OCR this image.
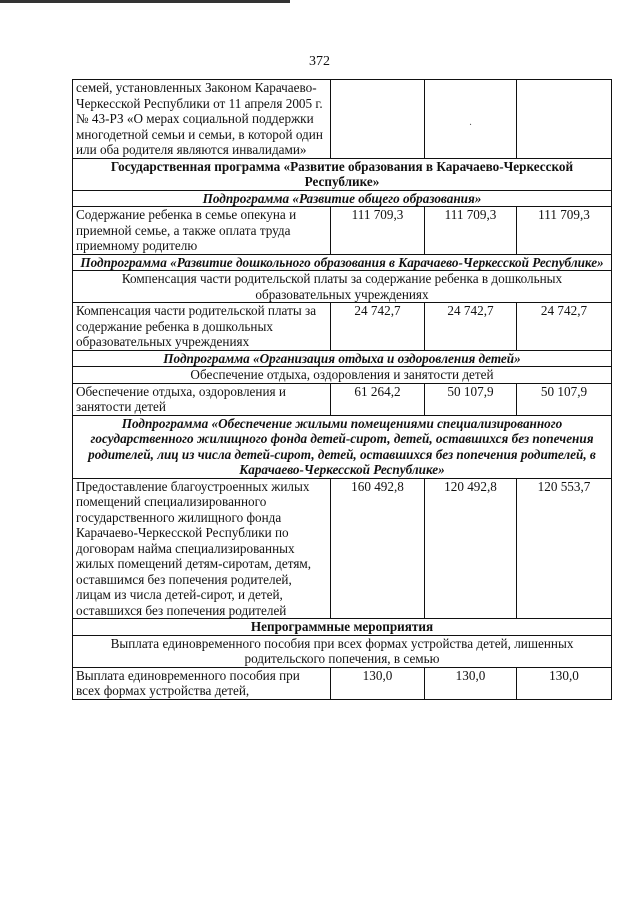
372
семей, установленных Законом Карачаево-Черкесской Республики от 11 апреля 2005 г. № 43-РЗ «О мерах социальной поддержки многодетной семьи и семьи, в которой один или оба родителя являются инвалидами»		·	

Государственная программа «Развитие образования в Карачаево-Черкесской Республике»			
Подпрограмма «Развитие общего образования»			
Содержание ребенка в семье опекуна и приемной семье, а также оплата труда приемному родителю	111 709,3	111 709,3	111 709,3
Подпрограмма «Развитие дошкольного образования в Карачаево-Черкесской Республике»			
Компенсация части родительской платы за содержание ребенка в дошкольных образовательных учреждениях			
Компенсация части родительской платы за содержание ребенка в дошкольных образовательных учреждениях	24 742,7	24 742,7	24 742,7
Подпрограмма «Организация отдыха и оздоровления детей»			
Обеспечение отдыха, оздоровления и занятости детей			
Обеспечение отдыха, оздоровления и занятости детей	61 264,2	50 107,9	50 107,9
Подпрограмма «Обеспечение жилыми помещениями специализированного государственного жилищного фонда детей-сирот, детей, оставшихся без попечения родителей, лиц из числа детей-сирот, детей, оставшихся без попечения родителей, в Карачаево-Черкесской Республике»			
Предоставление благоустроенных жилых помещений специализированного государственного жилищного фонда Карачаево-Черкесской Республики по договорам найма специализированных жилых помещений детям-сиротам, детям, оставшимся без попечения родителей, лицам из числа детей-сирот, и детей, оставшихся без попечения родителей	160 492,8	120 492,8	120 553,7
Непрограммные мероприятия			
Выплата единовременного пособия при всех формах устройства детей, лишенных родительского попечения, в семью			
Выплата единовременного пособия при всех формах устройства детей,	130,0	130,0	130,0
